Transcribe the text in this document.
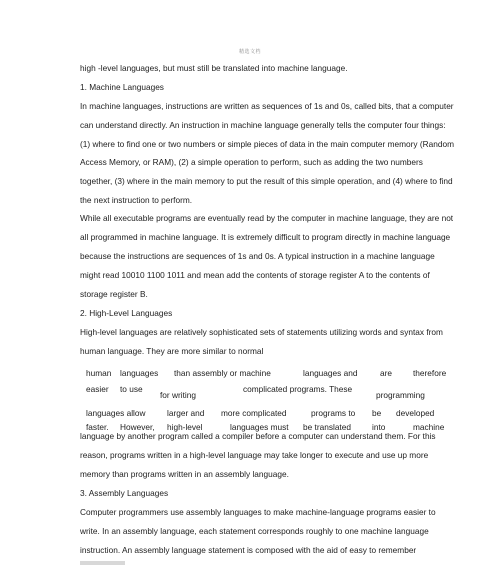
精选文档
high -level languages, but must still be translated into machine language.
1. Machine Languages
In machine languages, instructions are written as sequences of 1s and 0s, called bits, that a computer
can understand directly. An instruction in machine language generally tells the computer four things:
(1) where to find one or two numbers or simple pieces of data in the main computer memory (Random
Access Memory, or RAM), (2) a simple operation to perform, such as adding the two numbers
together, (3) where in the main memory to put the result of this simple operation, and (4) where to find
the next instruction to perform.
While all executable programs are eventually read by the computer in machine language, they are not
all programmed in machine language. It is extremely difficult to program directly in machine language
because the instructions are sequences of 1s and 0s. A typical instruction in a machine language
might read 10010 1100 1011 and mean add the contents of storage register A to the contents of
storage register B.
2. High-Level Languages
High-level languages are relatively sophisticated sets of statements utilizing words and syntax from
human language. They are more similar to normal
human languages than assembly or machine	languages and	are	therefore
easier to use	complicated programs. These
for writing	programming
languages allow	larger and more complicated	programs to be developed
faster. However, high-level	languages must be translated	into	machine
language by another program called a compiler before a computer can understand them. For this
reason, programs written in a high-level language may take longer to execute and use up more
memory than programs written in an assembly language.
3. Assembly Languages
Computer programmers use assembly languages to make machine-language programs easier to
write. In an assembly language, each statement corresponds roughly to one machine language
instruction. An assembly language statement is composed with the aid of easy to remember
